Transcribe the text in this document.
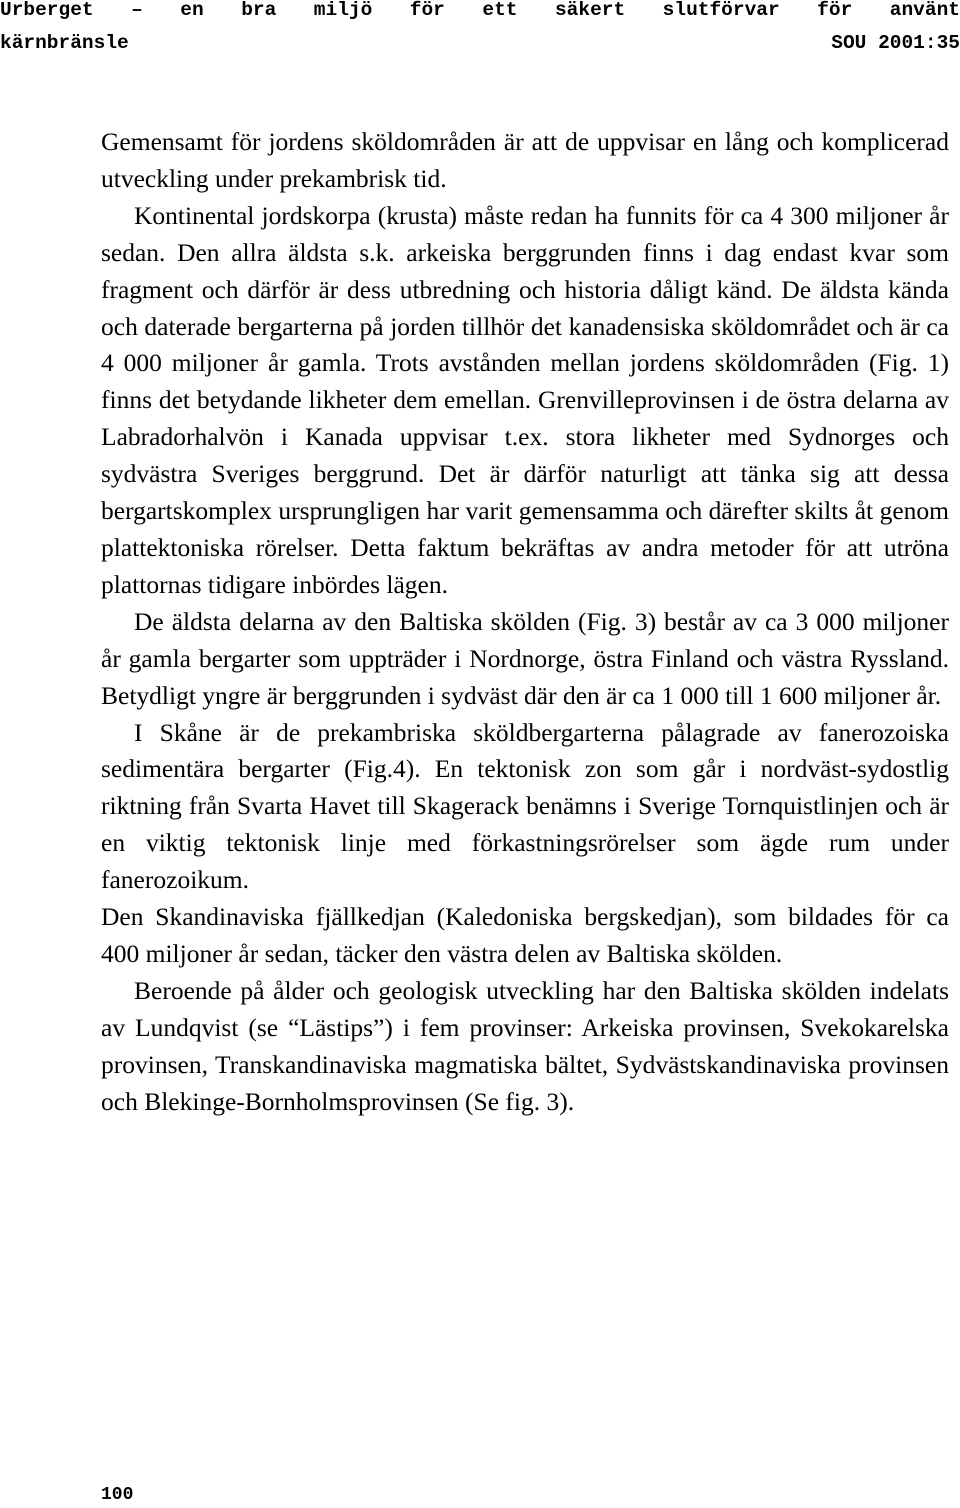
Urberget – en bra miljö för ett säkert slutförvar för använt
kärnbränsle	SOU 2001:35

Gemensamt för jordens sköldområden är att de uppvisar en lång och komplicerad utveckling under prekambrisk tid.

Kontinental jordskorpa (krusta) måste redan ha funnits för ca 4 300 miljoner år sedan. Den allra äldsta s.k. arkeiska berggrunden finns i dag endast kvar som fragment och därför är dess utbredning och historia dåligt känd. De äldsta kända och daterade bergarterna på jorden tillhör det kanadensiska sköldområdet och är ca 4 000 miljoner år gamla. Trots avstånden mellan jordens sköldområden (Fig. 1) finns det betydande likheter dem emellan. Grenvilleprovinsen i de östra delarna av Labradorhalvön i Kanada uppvisar t.ex. stora likheter med Sydnorges och sydvästra Sveriges berggrund. Det är därför naturligt att tänka sig att dessa bergartskomplex ursprungligen har varit gemensamma och därefter skilts åt genom plattektoniska rörelser. Detta faktum bekräftas av andra metoder för att utröna plattornas tidigare inbördes lägen.

De äldsta delarna av den Baltiska skölden (Fig. 3) består av ca 3 000 miljoner år gamla bergarter som uppträder i Nordnorge, östra Finland och västra Ryssland. Betydligt yngre är berggrunden i sydväst där den är ca 1 000 till 1 600 miljoner år.

I Skåne är de prekambriska sköldbergarterna pålagrade av fanerozoiska sedimentära bergarter (Fig.4). En tektonisk zon som går i nordväst-sydostlig riktning från Svarta Havet till Skagerack benämns i Sverige Tornquistlinjen och är en viktig tektonisk linje med förkastningsrörelser som ägde rum under fanerozoikum.

Den Skandinaviska fjällkedjan (Kaledoniska bergskedjan), som bildades för ca 400 miljoner år sedan, täcker den västra delen av Baltiska skölden.

Beroende på ålder och geologisk utveckling har den Baltiska skölden indelats av Lundqvist (se “Lästips”) i fem provinser: Arkeiska provinsen, Svekokarelska provinsen, Transkandinaviska magmatiska bältet, Sydvästskandinaviska provinsen och Blekinge-Bornholmsprovinsen (Se fig. 3).

100
